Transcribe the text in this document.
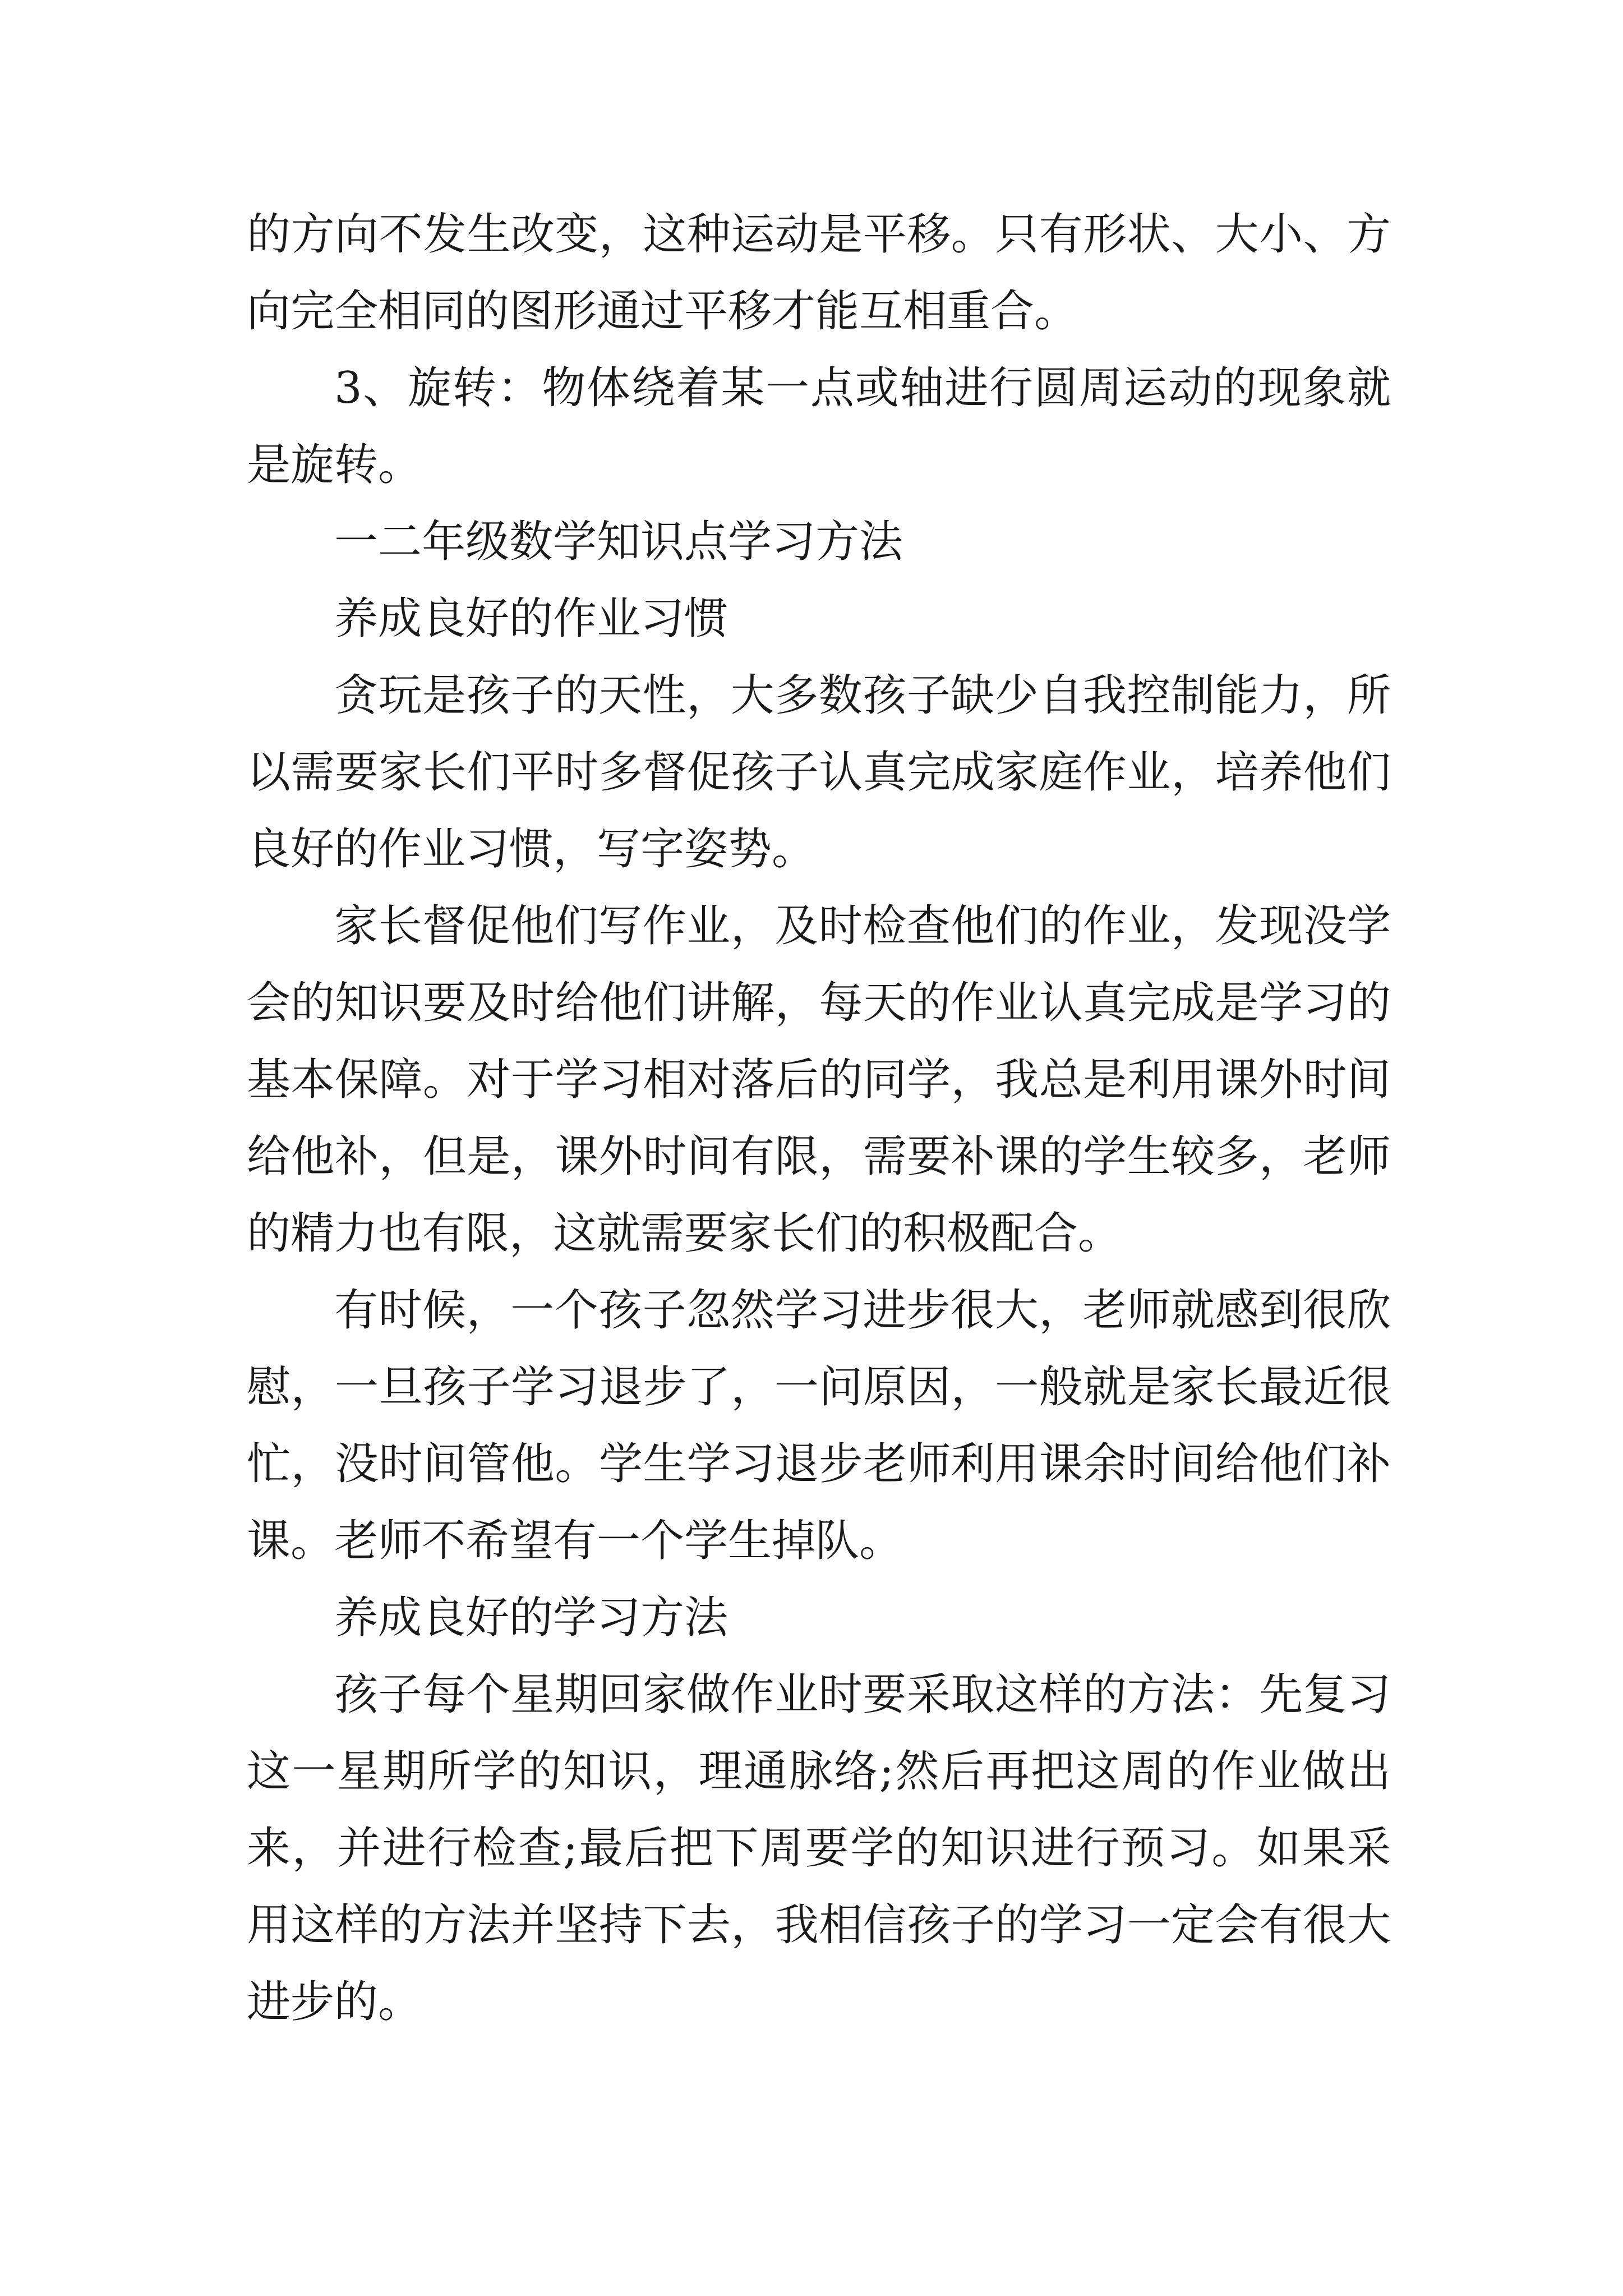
的方向不发生改变，这种运动是平移。只有形状、大小、方向完全相同的图形通过平移才能互相重合。

3、旋转：物体绕着某一点或轴进行圆周运动的现象就是旋转。

一二年级数学知识点学习方法

养成良好的作业习惯

贪玩是孩子的天性，大多数孩子缺少自我控制能力，所以需要家长们平时多督促孩子认真完成家庭作业，培养他们良好的作业习惯，写字姿势。

家长督促他们写作业，及时检查他们的作业，发现没学会的知识要及时给他们讲解，每天的作业认真完成是学习的基本保障。对于学习相对落后的同学，我总是利用课外时间给他补，但是，课外时间有限，需要补课的学生较多，老师的精力也有限，这就需要家长们的积极配合。

有时候，一个孩子忽然学习进步很大，老师就感到很欣慰，一旦孩子学习退步了，一问原因，一般就是家长最近很忙，没时间管他。学生学习退步老师利用课余时间给他们补课。老师不希望有一个学生掉队。

养成良好的学习方法

孩子每个星期回家做作业时要采取这样的方法：先复习这一星期所学的知识，理通脉络;然后再把这周的作业做出来，并进行检查;最后把下周要学的知识进行预习。如果采用这样的方法并坚持下去，我相信孩子的学习一定会有很大进步的。
